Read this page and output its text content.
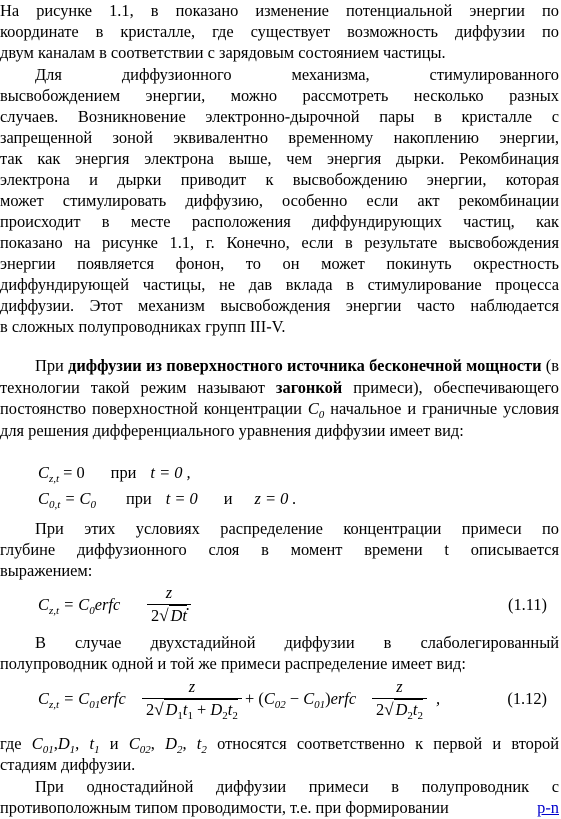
На рисунке 1.1, в показано изменение потенциальной энергии по
координате в кристалле, где существует возможность диффузии по
двум каналам в соответствии с зарядовым состоянием частицы.
Для диффузионного механизма, стимулированного
высвобождением энергии, можно рассмотреть несколько разных
случаев. Возникновение электронно-дырочной пары в кристалле с
запрещенной зоной эквивалентно временному накоплению энергии,
так как энергия электрона выше, чем энергия дырки. Рекомбинация
электрона и дырки приводит к высвобождению энергии, которая
может стимулировать диффузию, особенно если акт рекомбинации
происходит в месте расположения диффундирующих частиц, как
показано на рисунке 1.1, г. Конечно, если в результате высвобождения
энергии появляется фонон, то он может покинуть окрестность
диффундирующей частицы, не дав вклада в стимулирование процесса
диффузии. Этот механизм высвобождения энергии часто наблюдается
в сложных полупроводниках групп III-V.

При диффузии из поверхностного источника бесконечной мощности (в технологии такой режим называют загонкой примеси), обеспечивающего постоянство поверхностной концентрации $C_0$ начальное и граничные условия для решения дифференциального уравнения диффузии имеет вид:

$C_{z,t} = 0$ при t = 0 ,
$C_{0,t} = C_0$ при t = 0 и z = 0 .
При этих условиях распределение концентрации примеси по
глубине диффузионного слоя в момент времени t описывается
выражением:
$C_{z,t}$ = $C_0erfc \frac{z}{2√ Dt}$
.	(1.11)
В случае двухстадийной диффузии в слаболегированный
полупроводник одной и той же примеси распределение имеет вид:
$C_{z,t}$ = $C_{01}erfc \frac{z}{2√ D_1t_1 + D_2t_2} + (C_{02}$ − $C_{01})erfc \frac{z}{2√ D_2t_2}$ ,	(1.12)
где $C_{01},D_1$, $t_1$ и $C_{02}$, $D_2$, $t_2$ относятся соответственно к первой и второй
стадиям диффузии.
При одностадийной диффузии примеси в полупроводник с
противоположным типом проводимости, т.е. при формировании	p-n
